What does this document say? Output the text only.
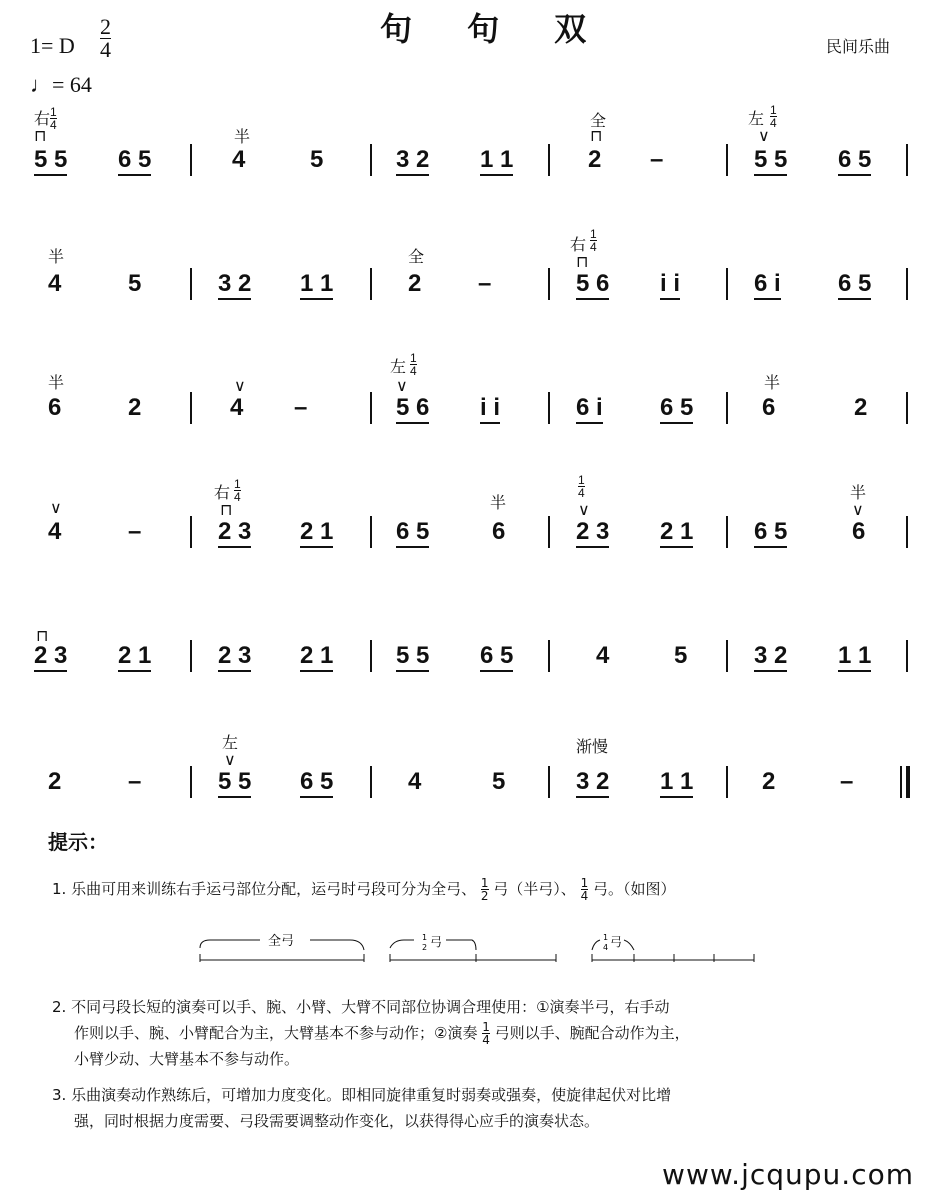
句 句 双	民间乐曲
1= D $\frac{2}{4}$
♩= 64
5 5 6 5	4	5	3 2 1 1	2 –	5 5 6 5
右
⊓	半
全
⊓
左
∨
1
4
1
4
4	5	3 2 1 1	2 –	5 6 i i	6 i 6 5
半	全
右
⊓
1
4
6	2	4 –	5 6 i i	6 i 6 5	6	2
半	∨
左
∨	半
1
4
4	–	2 3 2 1	6 5	6	2 3 2 1	6 5	6
∨
右
⊓	半	∨
半
∨
1
4
1
4
2 3 2 1	2 3 2 1	5 5 6 5	4	5	3 2 1 1
⊓
2	–	5 5 6 5	4	5	3 2 1 1	2	–
左
∨
渐慢
提示：
1. 乐曲可用来训练右手运弓部位分配，运弓时弓段可分为全弓、 $\frac{1}{2}$ 弓（半弓）、 $\frac{1}{4}$ 弓。（如图）
全弓	1
2 弓	1
4 弓
2. 不同弓段长短的演奏可以手、腕、小臂、大臂不同部位协调合理使用：①演奏半弓，右手动
作则以手、腕、小臂配合为主，大臂基本不参与动作；②演奏 $\frac{1}{4}$ 弓则以手、腕配合动作为主，
小臂少动、大臂基本不参与动作。
3. 乐曲演奏动作熟练后，可增加力度变化。即相同旋律重复时弱奏或强奏，使旋律起伏对比增
强，同时根据力度需要、弓段需要调整动作变化，以获得得心应手的演奏状态。
www.jcqupu.com
